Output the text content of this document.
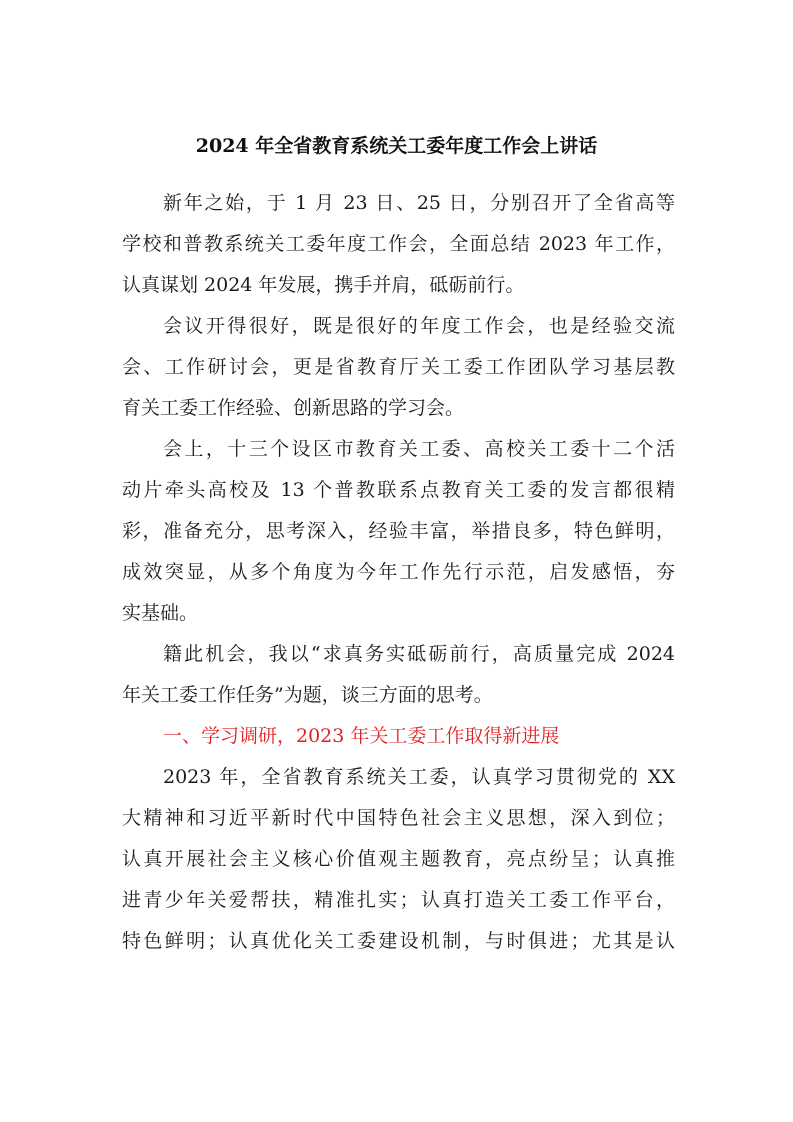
2024 年全省教育系统关工委年度工作会上讲话
新年之始，于 1 月 23 日、25 日，分别召开了全省高等
学校和普教系统关工委年度工作会，全面总结 2023 年工作，
认真谋划 2024 年发展，携手并肩，砥砺前行。
会议开得很好，既是很好的年度工作会，也是经验交流
会、工作研讨会，更是省教育厅关工委工作团队学习基层教
育关工委工作经验、创新思路的学习会。
会上，十三个设区市教育关工委、高校关工委十二个活
动片牵头高校及 13 个普教联系点教育关工委的发言都很精
彩，准备充分，思考深入，经验丰富，举措良多，特色鲜明，
成效突显，从多个角度为今年工作先行示范，启发感悟，夯
实基础。
籍此机会，我以“求真务实砥砺前行，高质量完成 2024
年关工委工作任务”为题，谈三方面的思考。
一、学习调研，2023 年关工委工作取得新进展
2023 年，全省教育系统关工委，认真学习贯彻党的 XX
大精神和习近平新时代中国特色社会主义思想，深入到位；
认真开展社会主义核心价值观主题教育，亮点纷呈；认真推
进青少年关爱帮扶，精准扎实；认真打造关工委工作平台，
特色鲜明；认真优化关工委建设机制，与时俱进；尤其是认
